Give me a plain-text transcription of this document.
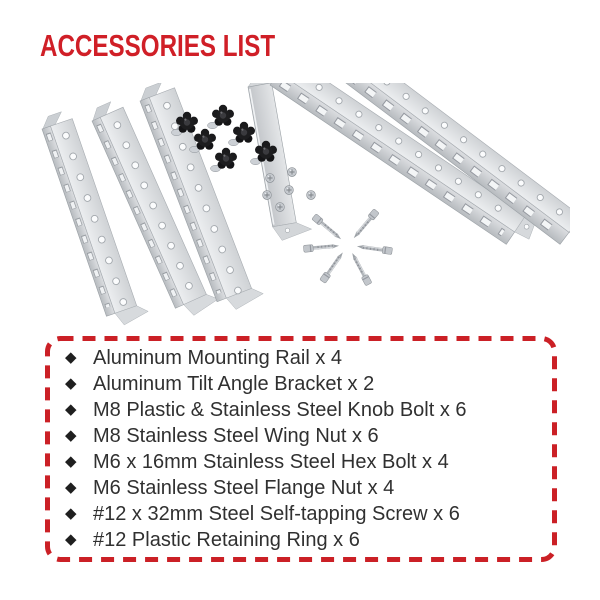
ACCESSORIES LIST
◆ Aluminum Mounting Rail x 4
◆ Aluminum Tilt Angle Bracket x 2
◆ M8 Plastic & Stainless Steel Knob Bolt x 6
◆ M8 Stainless Steel Wing Nut x 6
◆ M6 x 16mm Stainless Steel Hex Bolt x 4
◆ M6 Stainless Steel Flange Nut x 4
◆ #12 x 32mm Steel Self-tapping Screw x 6
◆ #12 Plastic Retaining Ring x 6
